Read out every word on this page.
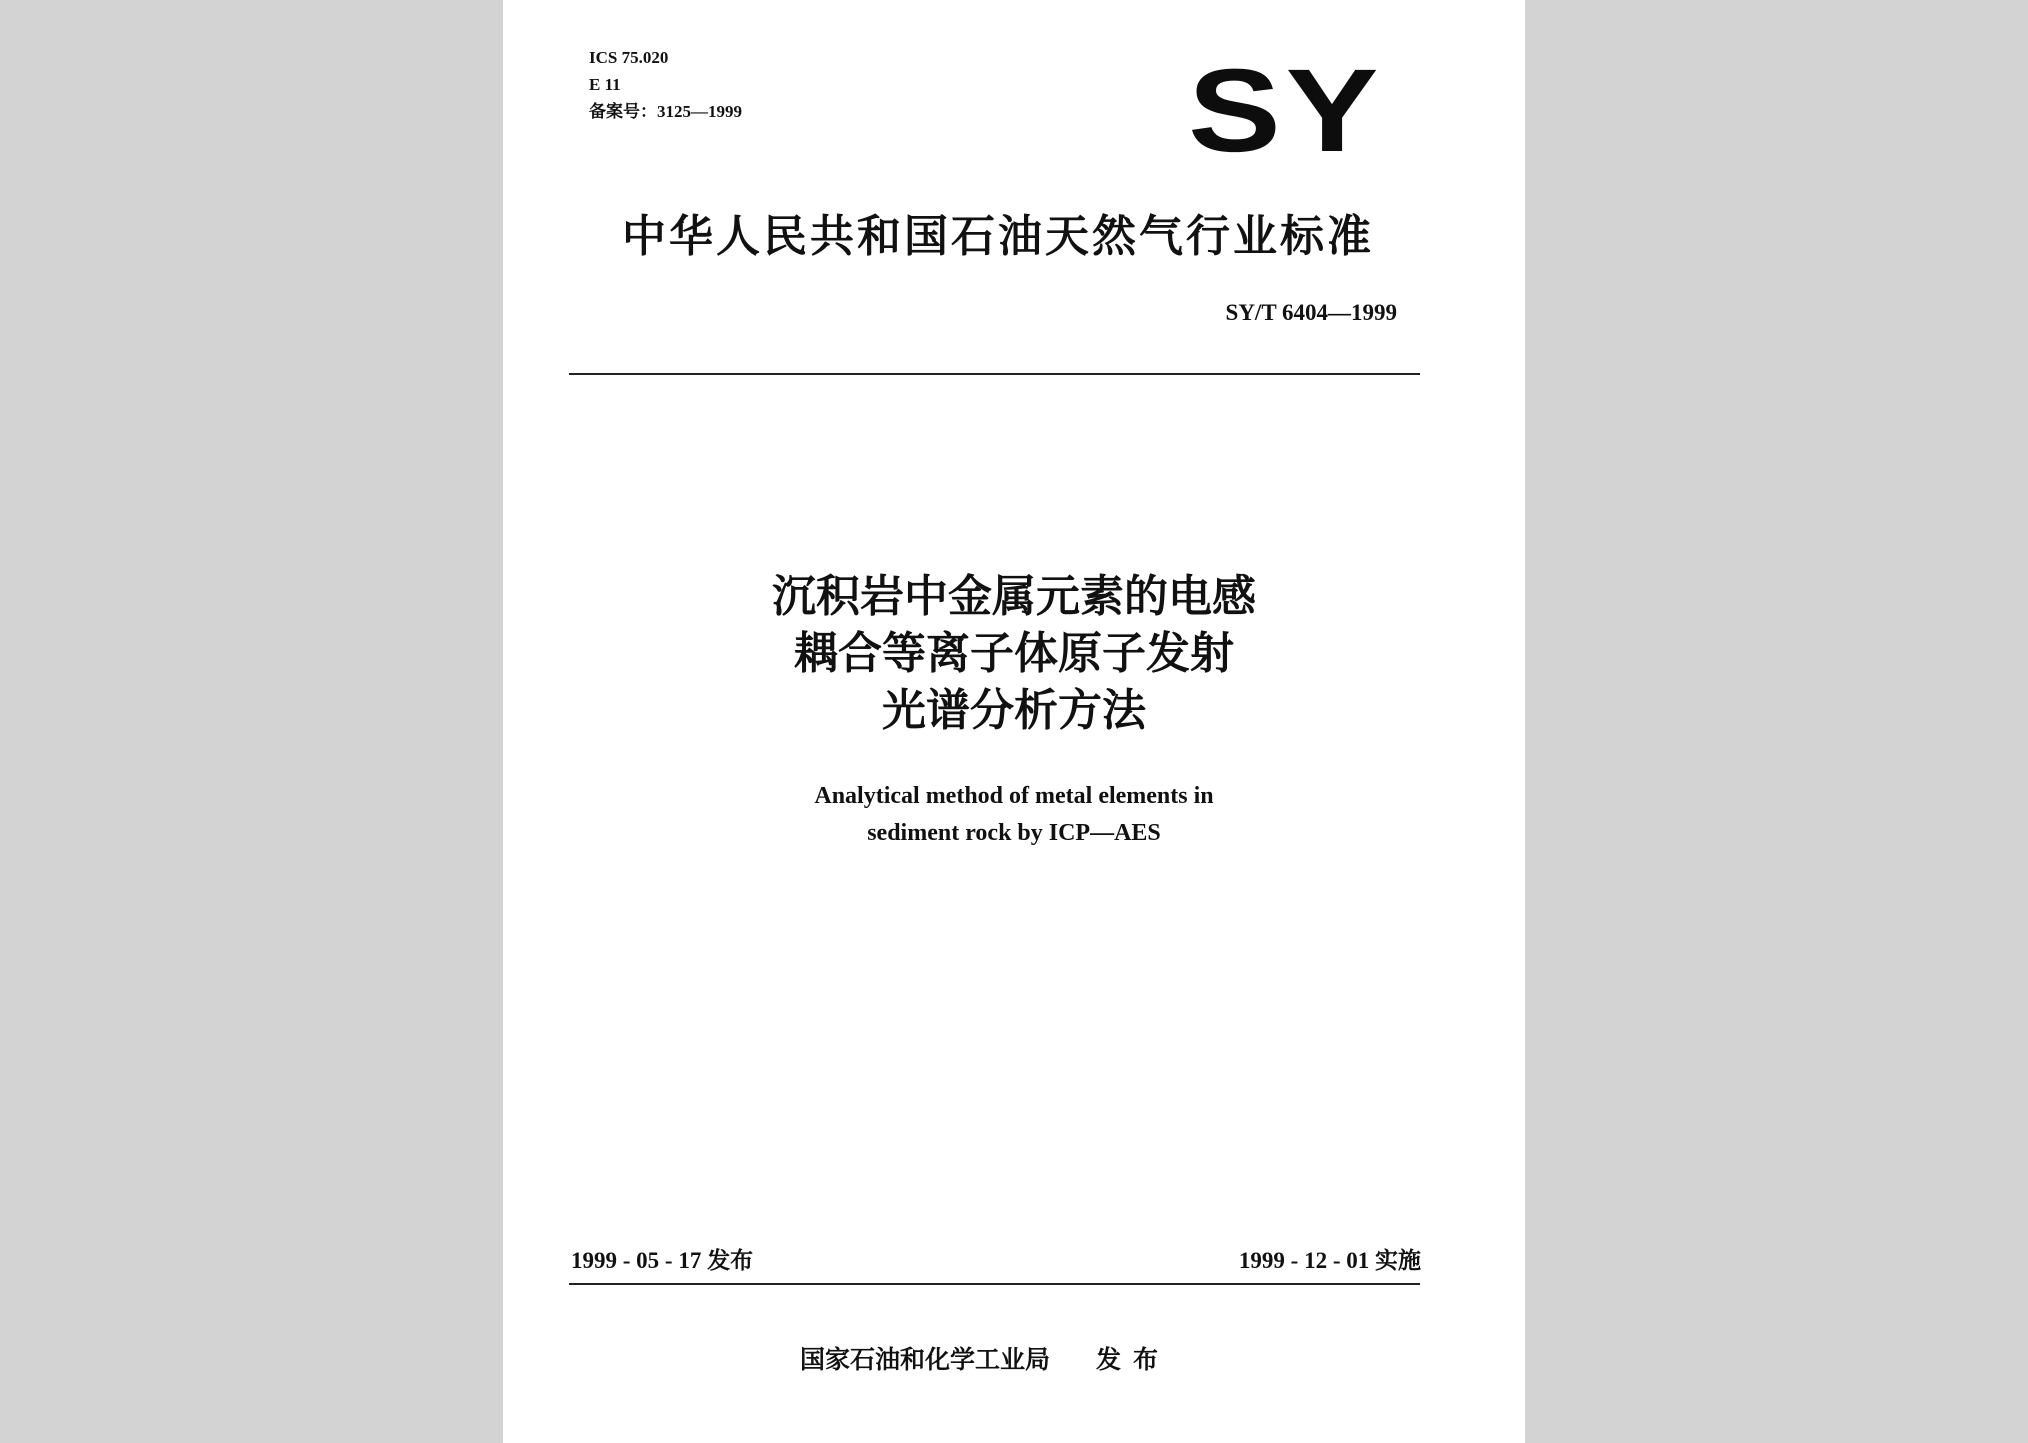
ICS 75.020
E 11
备案号：3125—1999	SY
中华人民共和国石油天然气行业标准
SY/T 6404—1999
沉积岩中金属元素的电感
耦合等离子体原子发射
光谱分析方法
Analytical method of metal elements in
sediment rock by ICP—AES
1999 - 05 - 17 发布	1999 - 12 - 01 实施
国家石油和化学工业局 发布
